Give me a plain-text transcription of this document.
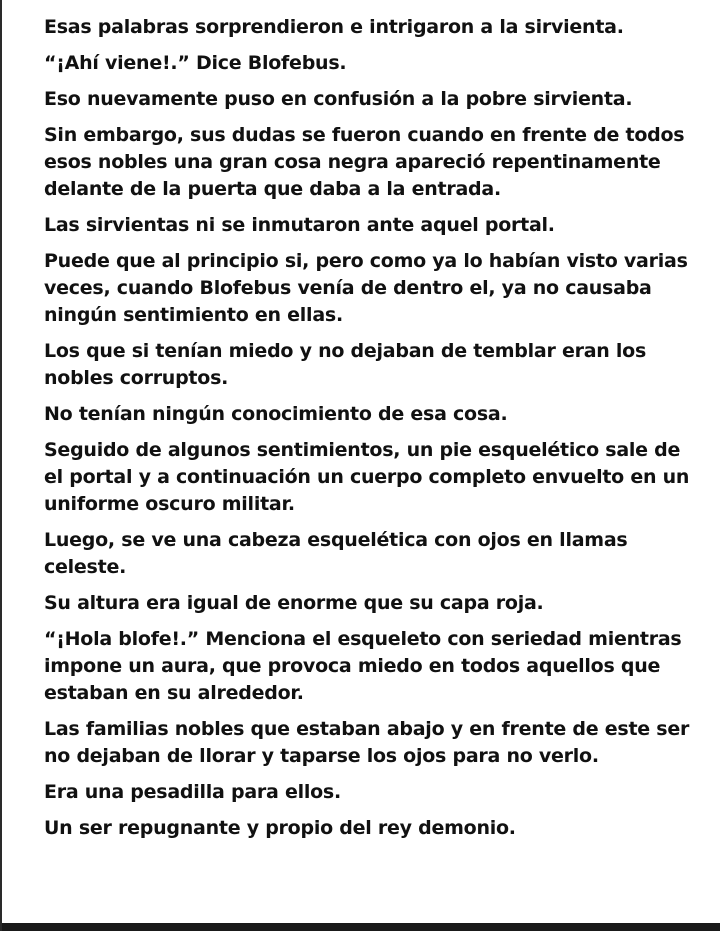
Esas palabras sorprendieron e intrigaron a la sirvienta.

“¡Ahí viene!.” Dice Blofebus.

Eso nuevamente puso en confusión a la pobre sirvienta.

Sin embargo, sus dudas se fueron cuando en frente de todos
esos nobles una gran cosa negra apareció repentinamente
delante de la puerta que daba a la entrada.

Las sirvientas ni se inmutaron ante aquel portal.

Puede que al principio si, pero como ya lo habían visto varias
veces, cuando Blofebus venía de dentro el, ya no causaba
ningún sentimiento en ellas.

Los que si tenían miedo y no dejaban de temblar eran los
nobles corruptos.

No tenían ningún conocimiento de esa cosa.

Seguido de algunos sentimientos, un pie esquelético sale de
el portal y a continuación un cuerpo completo envuelto en un
uniforme oscuro militar.

Luego, se ve una cabeza esquelética con ojos en llamas
celeste.

Su altura era igual de enorme que su capa roja.

“¡Hola blofe!.” Menciona el esqueleto con seriedad mientras
impone un aura, que provoca miedo en todos aquellos que
estaban en su alrededor.

Las familias nobles que estaban abajo y en frente de este ser
no dejaban de llorar y taparse los ojos para no verlo.

Era una pesadilla para ellos.

Un ser repugnante y propio del rey demonio.
